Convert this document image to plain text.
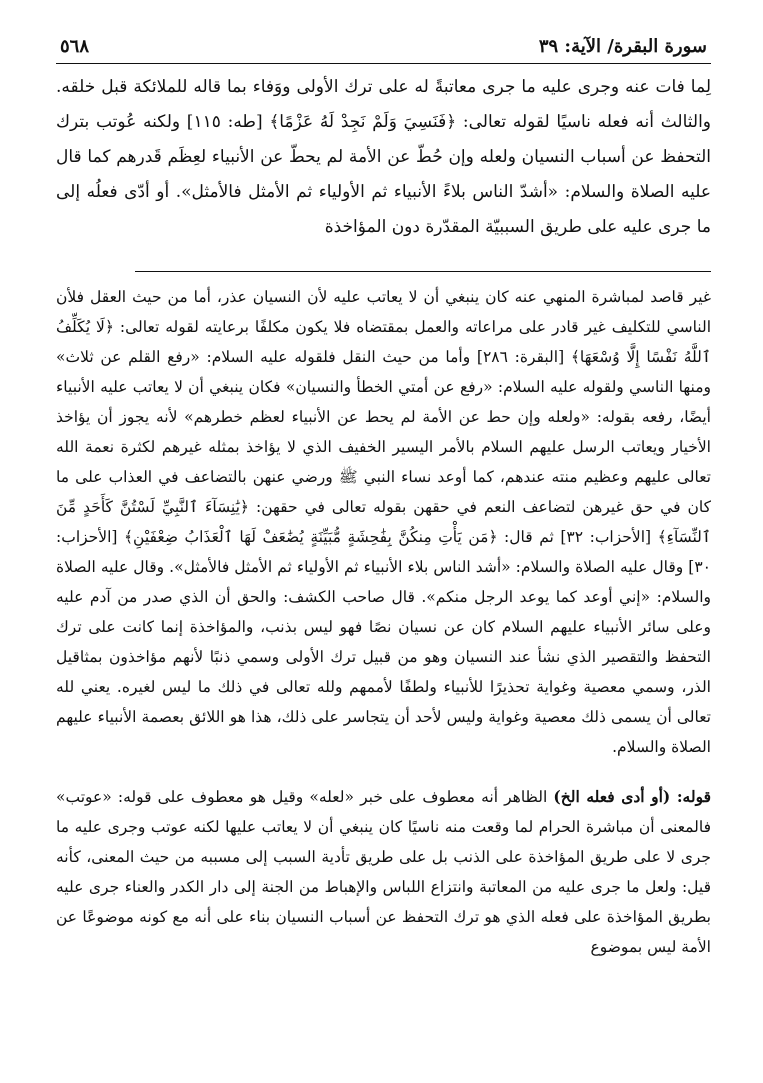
٥٦٨	سورة البقرة/ الآية: ٣٩

لِما فات عنه وجرى عليه ما جرى معاتبةً له على ترك الأولى ووَفاء بما قاله للملائكة قبل خلقه. والثالث أنه فعله ناسيًا لقوله تعالى: ﴿فَنَسِيَ وَلَمْ نَجِدْ لَهُ عَزْمًا﴾ [طه: ١١٥] ولكنه عُوتب بترك التحفظ عن أسباب النسيان ولعله وإن حُطّ عن الأمة لم يحطّ عن الأنبياء لعِظَم قَدرهم كما قال عليه الصلاة والسلام: «أشدّ الناس بلاءً الأنبياء ثم الأولياء ثم الأمثل فالأمثل». أو أدّى فعلُه إلى ما جرى عليه على طريق السببيّة المقدّرة دون المؤاخذة

غير قاصد لمباشرة المنهي عنه كان ينبغي أن لا يعاتب عليه لأن النسيان عذر، أما من حيث العقل فلأن الناسي للتكليف غير قادر على مراعاته والعمل بمقتضاه فلا يكون مكلفًا برعايته لقوله تعالى: ﴿لَا يُكَلِّفُ ٱللَّهُ نَفْسًا إِلَّا وُسْعَهَا﴾ [البقرة: ٢٨٦] وأما من حيث النقل فلقوله عليه السلام: «رفع القلم عن ثلاث» ومنها الناسي ولقوله عليه السلام: «رفع عن أمتي الخطأ والنسيان» فكان ينبغي أن لا يعاتب عليه الأنبياء أيضًا، رفعه بقوله: «ولعله وإن حط عن الأمة لم يحط عن الأنبياء لعظم خطرهم» لأنه يجوز أن يؤاخذ الأخيار ويعاتب الرسل عليهم السلام بالأمر اليسير الخفيف الذي لا يؤاخذ بمثله غيرهم لكثرة نعمة الله تعالى عليهم وعظيم منته عندهم، كما أوعد نساء النبي ﷺ ورضي عنهن بالتضاعف في العذاب على ما كان في حق غيرهن لتضاعف النعم في حقهن بقوله تعالى في حقهن: ﴿يَٰنِسَآءَ ٱلنَّبِيِّ لَسْتُنَّ كَأَحَدٍ مِّنَ ٱلنِّسَآءِ﴾ [الأحزاب: ٣٢] ثم قال: ﴿مَن يَأْتِ مِنكُنَّ بِفَٰحِشَةٍ مُّبَيِّنَةٍ يُضَٰعَفْ لَهَا ٱلْعَذَابُ ضِعْفَيْنِ﴾ [الأحزاب: ٣٠] وقال عليه الصلاة والسلام: «أشد الناس بلاء الأنبياء ثم الأولياء ثم الأمثل فالأمثل». وقال عليه الصلاة والسلام: «إني أوعد كما يوعد الرجل منكم». قال صاحب الكشف: والحق أن الذي صدر من آدم عليه وعلى سائر الأنبياء عليهم السلام كان عن نسيان نصًا فهو ليس بذنب، والمؤاخذة إنما كانت على ترك التحفظ والتقصير الذي نشأ عند النسيان وهو من قبيل ترك الأولى وسمي ذنبًا لأنهم مؤاخذون بمثاقيل الذر، وسمي معصية وغواية تحذيرًا للأنبياء ولطفًا لأممهم ولله تعالى في ذلك ما ليس لغيره. يعني لله تعالى أن يسمى ذلك معصية وغواية وليس لأحد أن يتجاسر على ذلك، هذا هو اللائق بعصمة الأنبياء عليهم الصلاة والسلام.

قوله: (أو أدى فعله الخ) الظاهر أنه معطوف على خبر «لعله» وقيل هو معطوف على قوله: «عوتب» فالمعنى أن مباشرة الحرام لما وقعت منه ناسيًا كان ينبغي أن لا يعاتب عليها لكنه عوتب وجرى عليه ما جرى لا على طريق المؤاخذة على الذنب بل على طريق تأدية السبب إلى مسببه من حيث المعنى، كأنه قيل: ولعل ما جرى عليه من المعاتبة وانتزاع اللباس والإهباط من الجنة إلى دار الكدر والعناء جرى عليه بطريق المؤاخذة على فعله الذي هو ترك التحفظ عن أسباب النسيان بناء على أنه مع كونه موضوعًا عن الأمة ليس بموضوع
